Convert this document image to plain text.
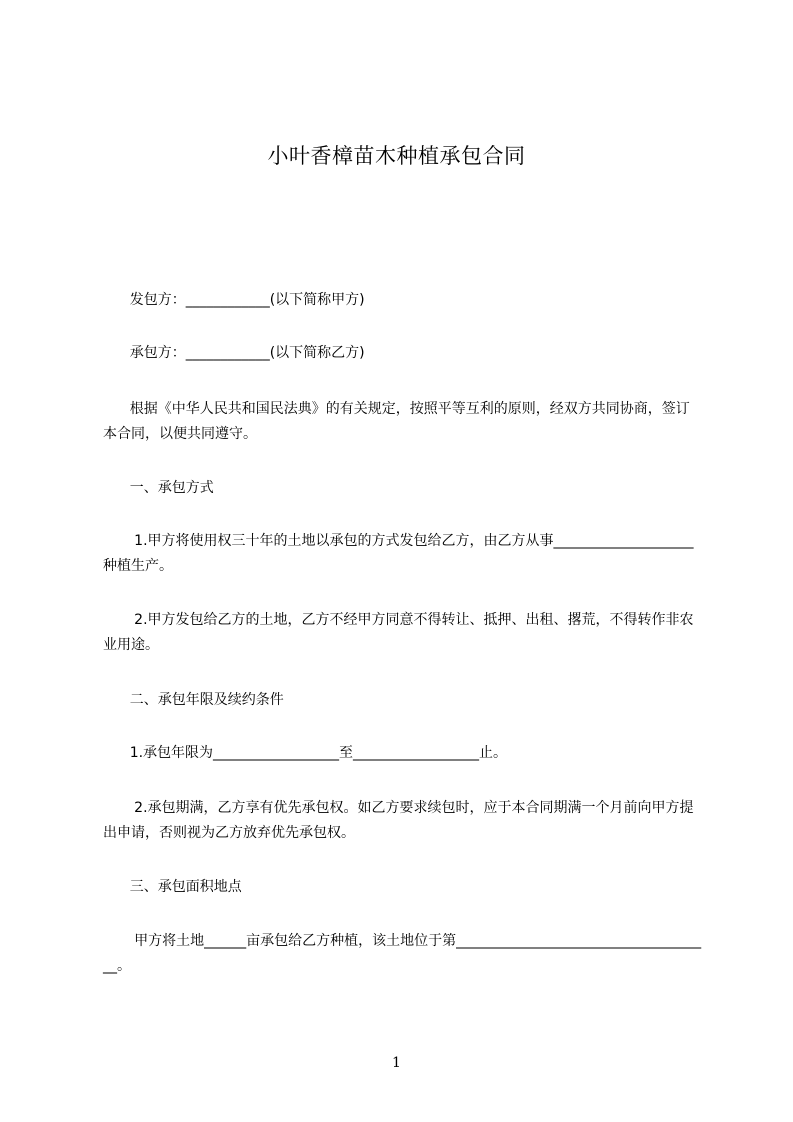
小叶香樟苗木种植承包合同
发包方：____________(以下简称甲方)
承包方：____________(以下简称乙方)
根据《中华人民共和国民法典》的有关规定，按照平等互利的原则，经双方共同协商，签订本合同，以便共同遵守。
一、承包方式
1.甲方将使用权三十年的土地以承包的方式发包给乙方，由乙方从事____________________种植生产。
2.甲方发包给乙方的土地，乙方不经甲方同意不得转让、抵押、出租、撂荒，不得转作非农业用途。
二、承包年限及续约条件
1.承包年限为__________________至__________________止。
2.承包期满，乙方享有优先承包权。如乙方要求续包时，应于本合同期满一个月前向甲方提出申请，否则视为乙方放弃优先承包权。
三、承包面积地点
甲方将土地______亩承包给乙方种植，该土地位于第_____________________________________。
1
